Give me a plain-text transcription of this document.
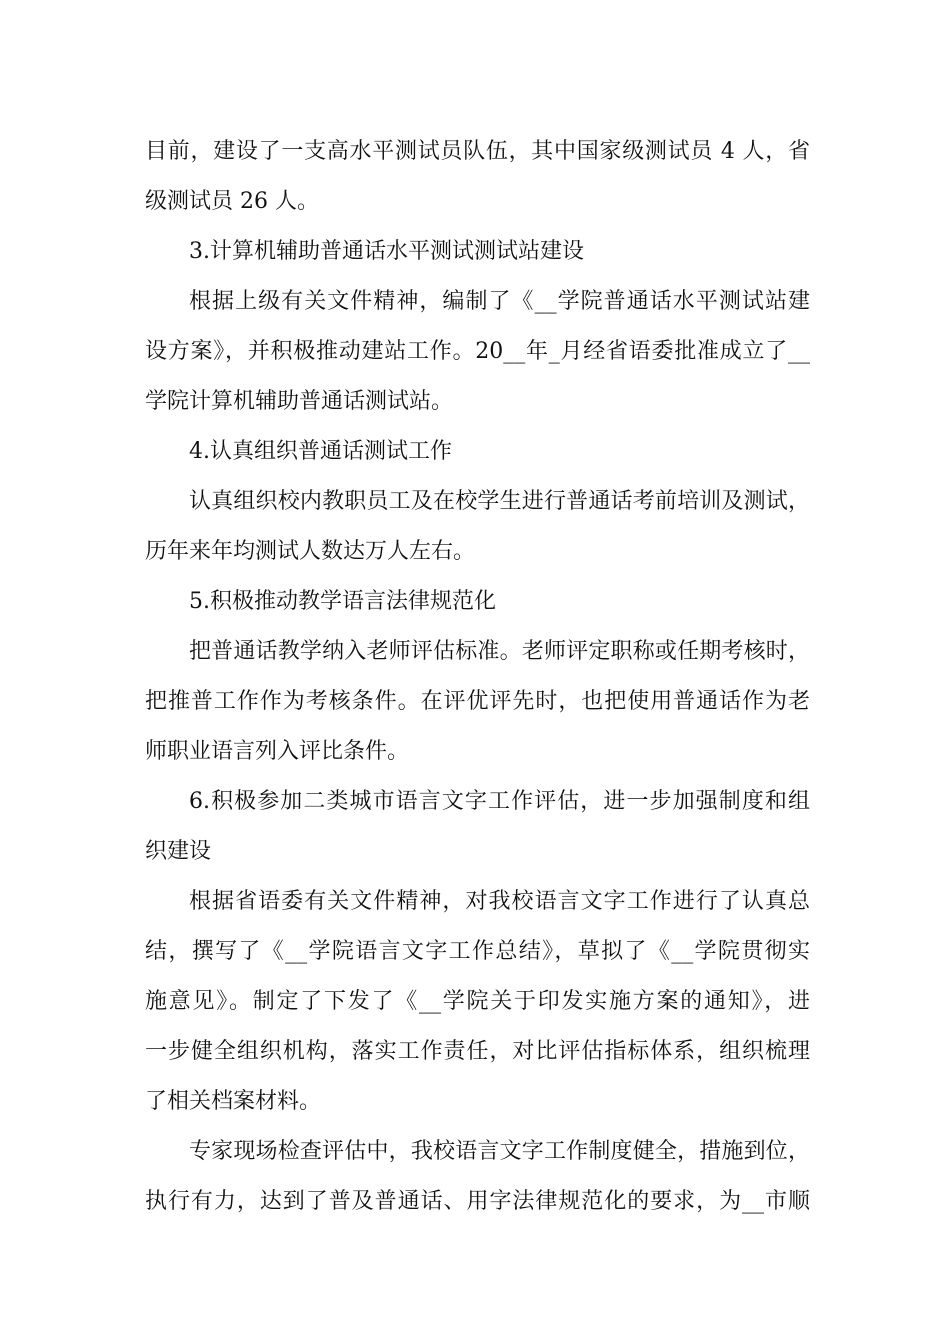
目前，建设了一支高水平测试员队伍，其中国家级测试员 4 人，省
级测试员 26 人。
3.计算机辅助普通话水平测试测试站建设
根据上级有关文件精神，编制了《__学院普通话水平测试站建
设方案》，并积极推动建站工作。20__年_月经省语委批准成立了__
学院计算机辅助普通话测试站。
4.认真组织普通话测试工作
认真组织校内教职员工及在校学生进行普通话考前培训及测试，
历年来年均测试人数达万人左右。
5.积极推动教学语言法律规范化
把普通话教学纳入老师评估标准。老师评定职称或任期考核时，
把推普工作作为考核条件。在评优评先时，也把使用普通话作为老
师职业语言列入评比条件。
6.积极参加二类城市语言文字工作评估，进一步加强制度和组
织建设
根据省语委有关文件精神，对我校语言文字工作进行了认真总
结，撰写了《__学院语言文字工作总结》，草拟了《__学院贯彻实
施意见》。制定了下发了《__学院关于印发实施方案的通知》，进
一步健全组织机构，落实工作责任，对比评估指标体系，组织梳理
了相关档案材料。
专家现场检查评估中，我校语言文字工作制度健全，措施到位，
执行有力，达到了普及普通话、用字法律规范化的要求，为__市顺
